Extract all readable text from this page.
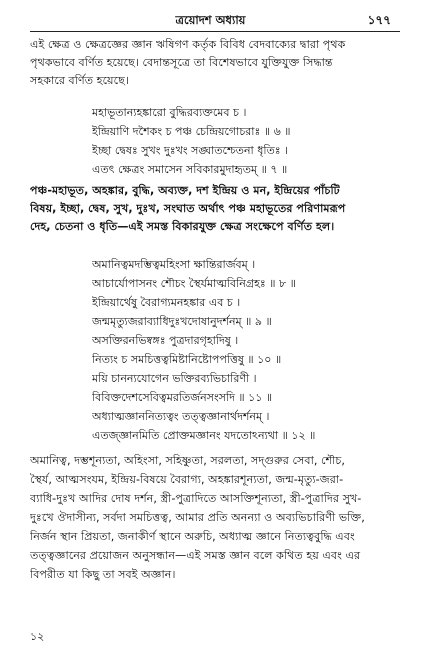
ত্রয়োদশ অধ্যায়	১৭৭
এই ক্ষেত্র ও ক্ষেত্রজ্ঞের জ্ঞান ঋষিগণ কর্তৃক বিবিধ বেদবাক্যের দ্বারা পৃথক
পৃথকভাবে বর্ণিত হয়েছে। বেদান্তসূত্রে তা বিশেষভাবে যুক্তিযুক্ত সিদ্ধান্ত
সহকারে বর্ণিত হয়েছে।
মহাভূতান্যহঙ্কারো বুদ্ধিরব্যক্তমেব চ ।
ইন্দ্রিয়াণি দশৈকং চ পঞ্চ চেন্দ্রিয়গোচরাঃ ॥ ৬ ॥
ইচ্ছা দ্বেষঃ সুখং দুঃখং সঙ্ঘাতশ্চেতনা ধৃতিঃ ।
এতৎ ক্ষেত্রং সমাসেন সবিকারমুদাহৃতম্‌ ॥ ৭ ॥
পঞ্চ-মহাভূত, অহঙ্কার, বুদ্ধি, অব্যক্ত, দশ ইন্দ্রিয় ও মন, ইন্দ্রিয়ের পাঁচটি
বিষয়, ইচ্ছা, দ্বেষ, সুখ, দুঃখ, সংঘাত অর্থাৎ পঞ্চ মহাভূতের পরিণামরূপ
দেহ, চেতনা ও ধৃতি—এই সমস্ত বিকারযুক্ত ক্ষেত্র সংক্ষেপে বর্ণিত হল।
অমানিত্বমদম্ভিত্বমহিংসা ক্ষান্তিরার্জবম্‌ ।
আচার্যোপাসনং শৌচং স্থৈর্যমাত্মবিনিগ্রহঃ ॥ ৮ ॥
ইন্দ্রিয়ার্থেষু বৈরাগ্যমনহঙ্কার এব চ ।
জন্মমৃত্যুজরাব্যাধিদুঃখদোষানুদর্শনম্‌ ॥ ৯ ॥
অসক্তিরনভিষ্বঙ্গঃ পুত্রদারগৃহাদিষু ।
নিত্যং চ সমচিত্তত্বমিষ্টানিষ্টোপপত্তিষু ॥ ১০ ॥
ময়ি চানন্যযোগেন ভক্তিরব্যভিচারিণী ।
বিবিক্তদেশসেবিত্বমরতির্জনসংসদি ॥ ১১ ॥
অধ্যাত্মজ্ঞাননিত্যত্বং তত্ত্বজ্ঞানার্থদর্শনম্‌ ।
এতজ্জ্ঞানমিতি প্রোক্তমজ্ঞানং যদতোঽন্যথা ॥ ১২ ॥
অমানিত্ব, দম্ভশূন্যতা, অহিংসা, সহিষ্ণুতা, সরলতা, সদ্‌গুরুর সেবা, শৌচ,
স্থৈর্য, আত্মসংযম, ইন্দ্রিয়-বিষয়ে বৈরাগ্য, অহঙ্কারশূন্যতা, জন্ম-মৃত্যু-জরা-
ব্যাধি-দুঃখ আদির দোষ দর্শন, স্ত্রী-পুত্রাদিতে আসক্তিশূন্যতা, স্ত্রী-পুত্রাদির সুখ-
দুঃখে ঔদাসীন্য, সর্বদা সমচিত্তত্ব, আমার প্রতি অনন্যা ও অব্যভিচারিণী ভক্তি,
নির্জন স্থান প্রিয়তা, জনাকীর্ণ স্থানে অরুচি, অধ্যাত্ম জ্ঞানে নিত্যত্ববুদ্ধি এবং
তত্ত্বজ্ঞানের প্রয়োজন অনুসন্ধান—এই সমস্ত জ্ঞান বলে কথিত হয় এবং এর
বিপরীত যা কিছু তা সবই অজ্ঞান।
১২
